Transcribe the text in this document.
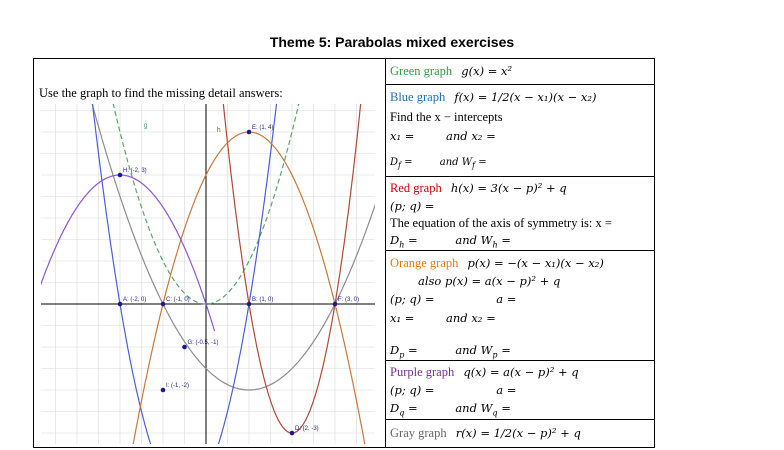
Theme 5: Parabolas mixed exercises
Use the graph to find the missing detail answers:
H: (-2, 3)
E: (1, 4)
A: (-2, 0)	C: (-1, 0)	B: (1, 0)	F: (3, 0)
G: (-0.5, -1)
I: (-1, -2)
D: (2, -3)
g
h
Green graph g(x) = x²
Blue graph f(x) = 1/2(x − x₁)(x − x₂)
Find the x − intercepts
x₁ =	and x₂ =
$D_f$ =	and $W_f$ =
Red graph h(x) = 3(x − p)² + q
(p; q) =
The equation of the axis of symmetry is: x =
$D_h$ =	and $W_h$ =
Orange graph p(x) = −(x − x₁)(x − x₂)
also p(x) = a(x − p)² + q
(p; q) =	a =
x₁ =	and x₂ =
$D_p$ =	and $W_p$ =
Purple graph q(x) = a(x − p)² + q
(p; q) =	a =
$D_q$ =	and $W_q$ =
Gray graph r(x) = 1/2(x − p)² + q
